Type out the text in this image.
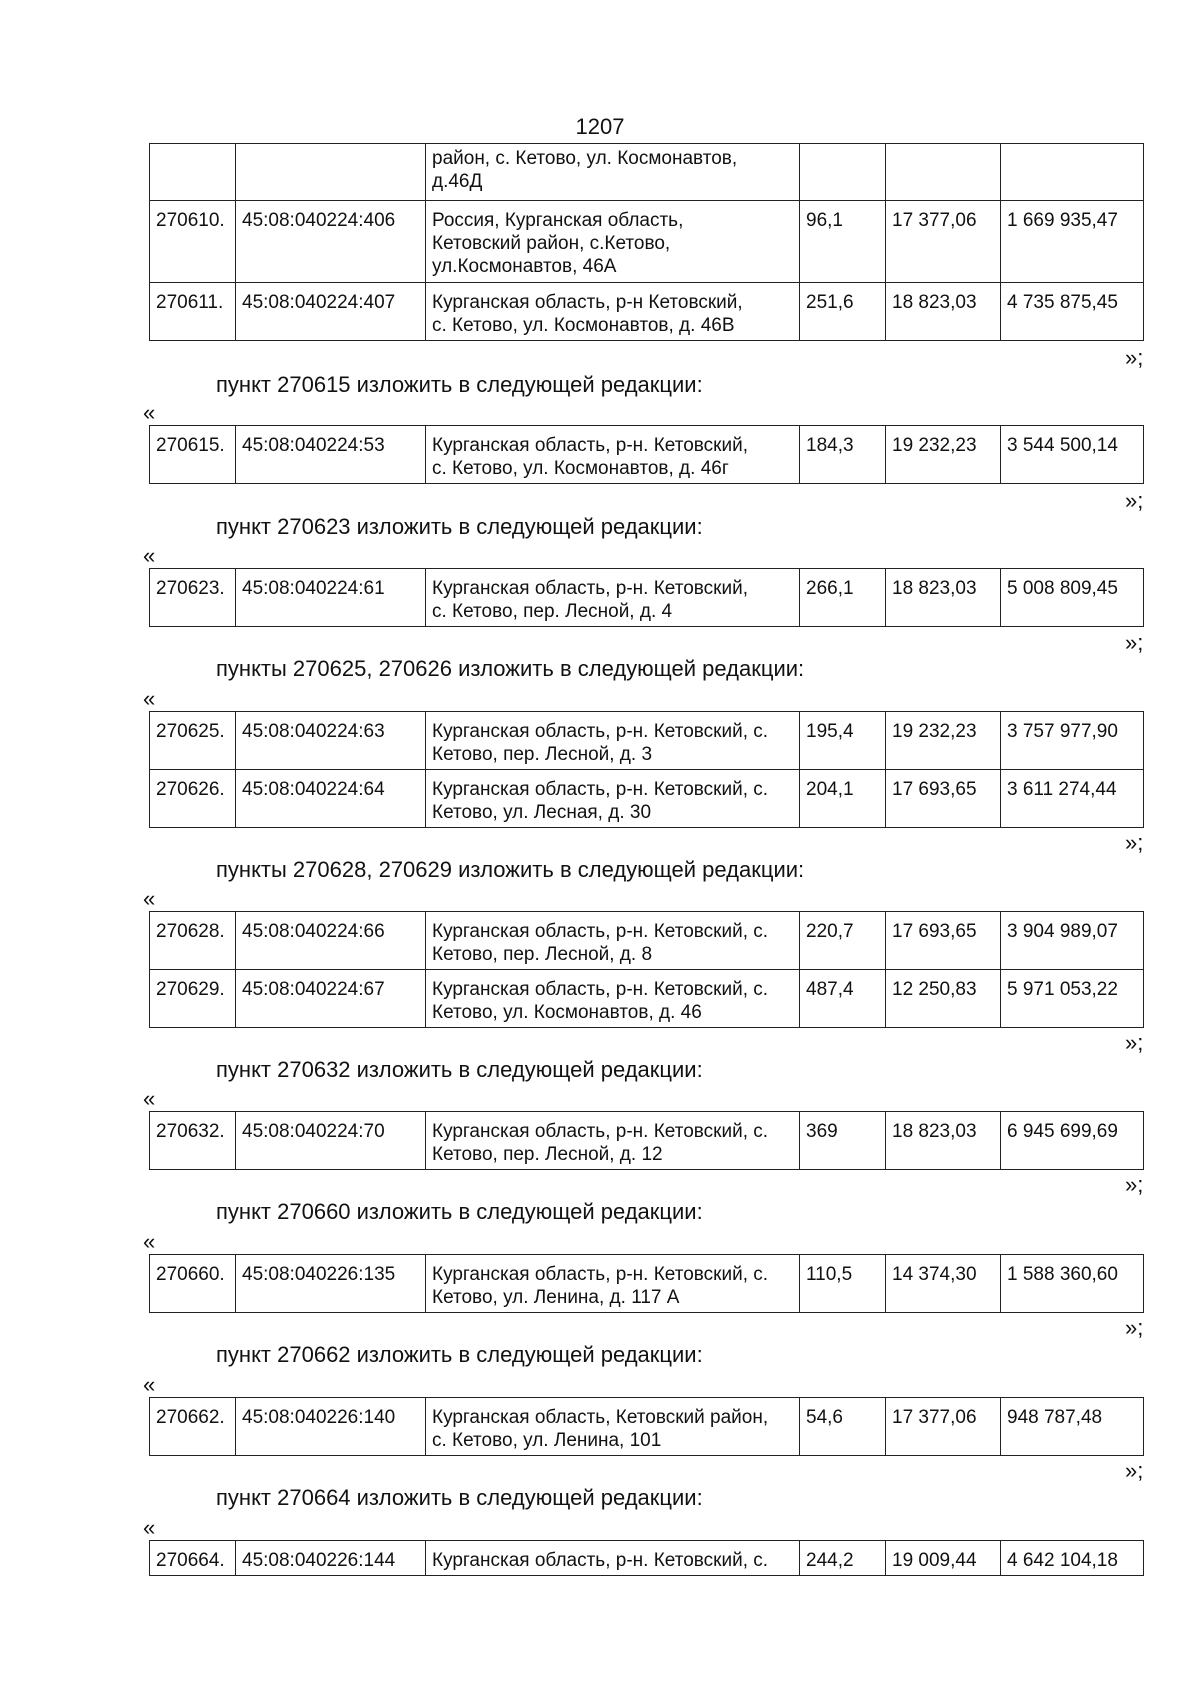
1207
		район, с. Кетово, ул. Космонавтов,
д.46Д			
270610.	45:08:040224:406	Россия, Курганская область,
Кетовский район, с.Кетово,
ул.Космонавтов, 46А	96,1	17 377,06	1 669 935,47
270611.	45:08:040224:407	Курганская область, р-н Кетовский,
с. Кетово, ул. Космонавтов, д. 46В	251,6	18 823,03	4 735 875,45
»;
пункт 270615 изложить в следующей редакции:
«
270615.	45:08:040224:53	Курганская область, р-н. Кетовский,
с. Кетово, ул. Космонавтов, д. 46г	184,3	19 232,23	3 544 500,14
»;
пункт 270623 изложить в следующей редакции:
«
270623.	45:08:040224:61	Курганская область, р-н. Кетовский,
с. Кетово, пер. Лесной, д. 4	266,1	18 823,03	5 008 809,45
»;
пункты 270625, 270626 изложить в следующей редакции:
«
270625.	45:08:040224:63	Курганская область, р-н. Кетовский, с.
Кетово, пер. Лесной, д. 3	195,4	19 232,23	3 757 977,90
270626.	45:08:040224:64	Курганская область, р-н. Кетовский, с.
Кетово, ул. Лесная, д. 30	204,1	17 693,65	3 611 274,44
»;
пункты 270628, 270629 изложить в следующей редакции:
«
270628.	45:08:040224:66	Курганская область, р-н. Кетовский, с.
Кетово, пер. Лесной, д. 8	220,7	17 693,65	3 904 989,07
270629.	45:08:040224:67	Курганская область, р-н. Кетовский, с.
Кетово, ул. Космонавтов, д. 46	487,4	12 250,83	5 971 053,22
»;
пункт 270632 изложить в следующей редакции:
«
270632.	45:08:040224:70	Курганская область, р-н. Кетовский, с.
Кетово, пер. Лесной, д. 12	369	18 823,03	6 945 699,69
»;
пункт 270660 изложить в следующей редакции:
«
270660.	45:08:040226:135	Курганская область, р-н. Кетовский, с.
Кетово, ул. Ленина, д. 117 А	110,5	14 374,30	1 588 360,60
»;
пункт 270662 изложить в следующей редакции:
«
270662.	45:08:040226:140	Курганская область, Кетовский район,
с. Кетово, ул. Ленина, 101	54,6	17 377,06	948 787,48
»;
пункт 270664 изложить в следующей редакции:
«
270664.	45:08:040226:144	Курганская область, р-н. Кетовский, с.	244,2	19 009,44	4 642 104,18
